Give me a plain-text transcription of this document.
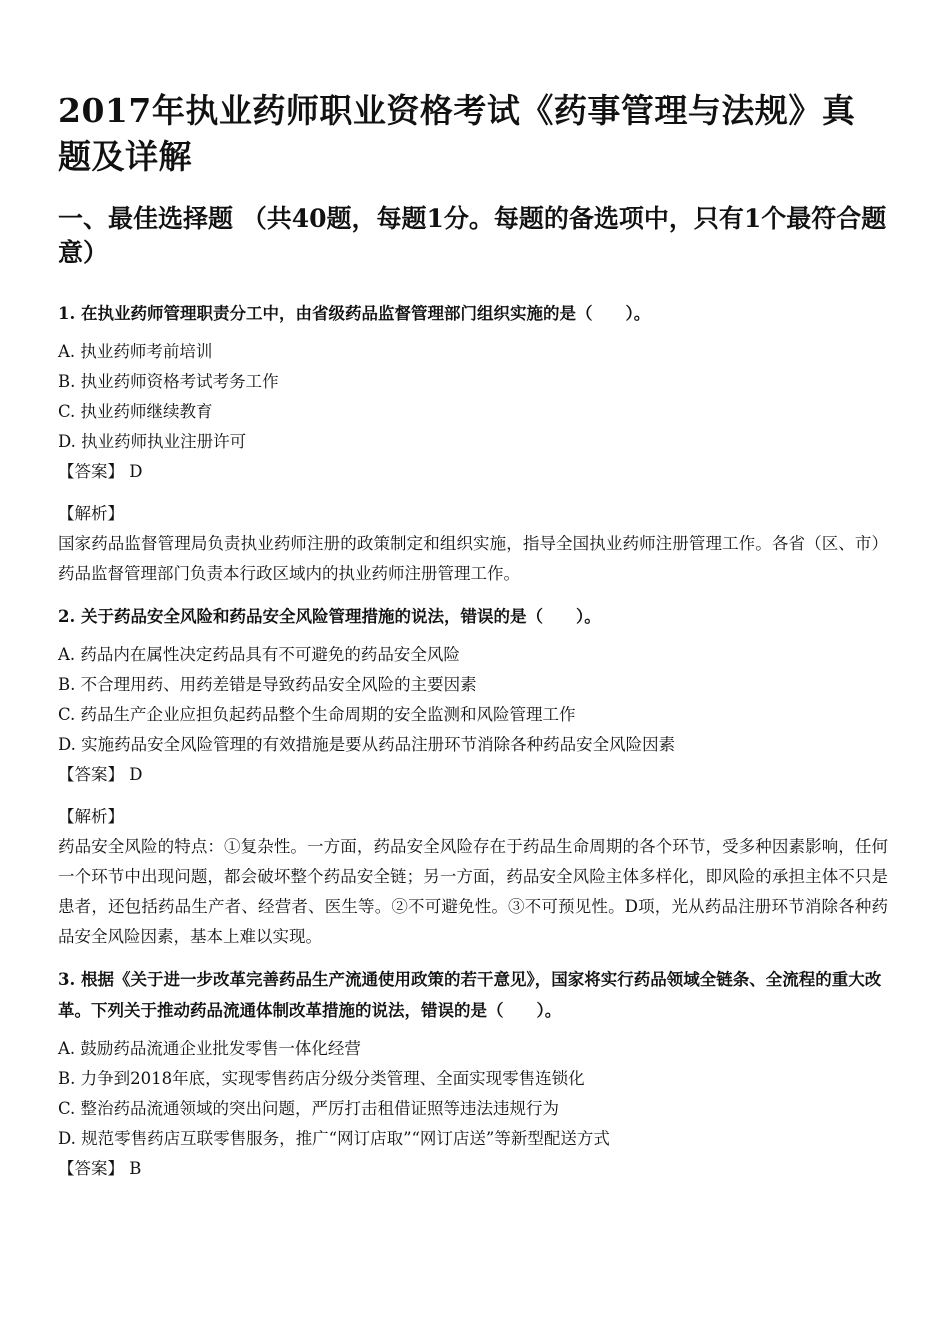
2017年执业药师职业资格考试《药事管理与法规》真题及详解
一、最佳选择题 （共40题，每题1分。每题的备选项中，只有1个最符合题意）

1. 在执业药师管理职责分工中，由省级药品监督管理部门组织实施的是（　　）。

A. 执业药师考前培训

B. 执业药师资格考试考务工作

C. 执业药师继续教育

D. 执业药师执业注册许可

【答案】 D

【解析】

国家药品监督管理局负责执业药师注册的政策制定和组织实施，指导全国执业药师注册管理工作。各省（区、市）药品监督管理部门负责本行政区域内的执业药师注册管理工作。

2. 关于药品安全风险和药品安全风险管理措施的说法，错误的是（　　）。

A. 药品内在属性决定药品具有不可避免的药品安全风险

B. 不合理用药、用药差错是导致药品安全风险的主要因素

C. 药品生产企业应担负起药品整个生命周期的安全监测和风险管理工作

D. 实施药品安全风险管理的有效措施是要从药品注册环节消除各种药品安全风险因素

【答案】 D

【解析】

药品安全风险的特点：①复杂性。一方面，药品安全风险存在于药品生命周期的各个环节，受多种因素影响，任何一个环节中出现问题，都会破坏整个药品安全链；另一方面，药品安全风险主体多样化，即风险的承担主体不只是患者，还包括药品生产者、经营者、医生等。②不可避免性。③不可预见性。D项，光从药品注册环节消除各种药品安全风险因素，基本上难以实现。

3. 根据《关于进一步改革完善药品生产流通使用政策的若干意见》，国家将实行药品领域全链条、全流程的重大改革。下列关于推动药品流通体制改革措施的说法，错误的是（　　）。

A. 鼓励药品流通企业批发零售一体化经营

B. 力争到2018年底，实现零售药店分级分类管理、全面实现零售连锁化

C. 整治药品流通领域的突出问题，严厉打击租借证照等违法违规行为

D. 规范零售药店互联零售服务，推广“网订店取”“网订店送”等新型配送方式

【答案】 B
